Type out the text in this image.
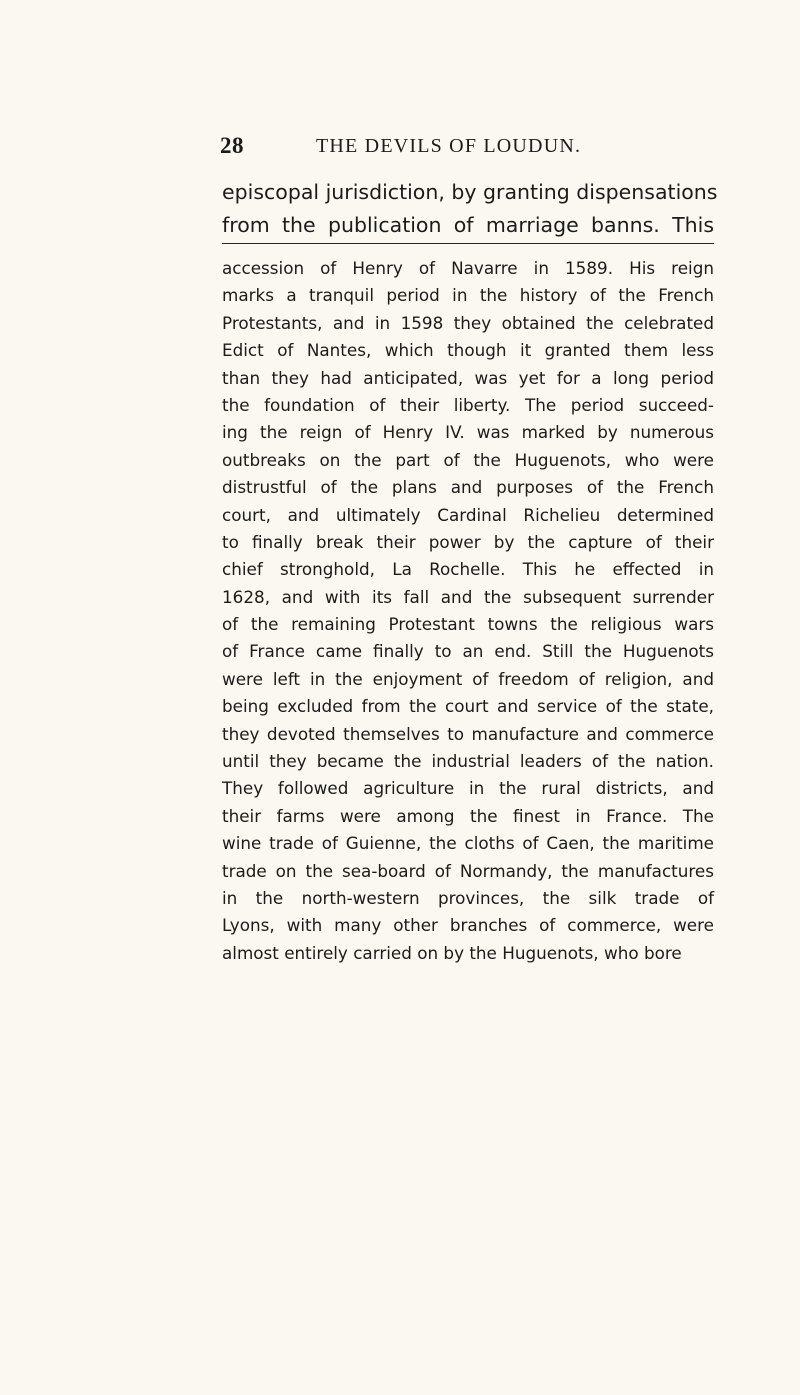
28	THE DEVILS OF LOUDUN.
episcopal jurisdiction, by granting dispensations
from the publication of marriage banns. This
accession of Henry of Navarre in 1589. His reign
marks a tranquil period in the history of the French
Protestants, and in 1598 they obtained the celebrated
Edict of Nantes, which though it granted them less
than they had anticipated, was yet for a long period
the foundation of their liberty. The period succeed-
ing the reign of Henry IV. was marked by numerous
outbreaks on the part of the Huguenots, who were
distrustful of the plans and purposes of the French
court, and ultimately Cardinal Richelieu determined
to finally break their power by the capture of their
chief stronghold, La Rochelle. This he effected in
1628, and with its fall and the subsequent surrender
of the remaining Protestant towns the religious wars
of France came finally to an end. Still the Huguenots
were left in the enjoyment of freedom of religion, and
being excluded from the court and service of the state,
they devoted themselves to manufacture and commerce
until they became the industrial leaders of the nation.
They followed agriculture in the rural districts, and
their farms were among the finest in France. The
wine trade of Guienne, the cloths of Caen, the maritime
trade on the sea-board of Normandy, the manufactures
in the north-western provinces, the silk trade of
Lyons, with many other branches of commerce, were
almost entirely carried on by the Huguenots, who bore
